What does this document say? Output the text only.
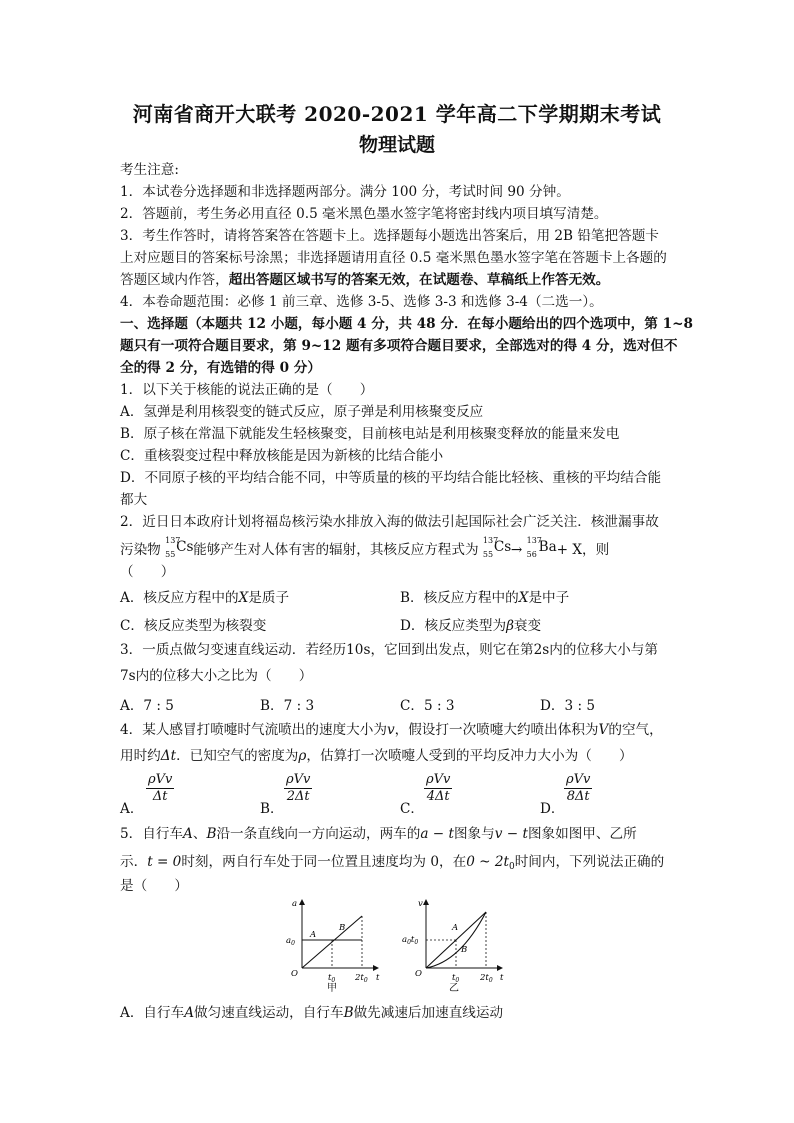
河南省商开大联考 2020-2021 学年高二下学期期末考试
物理试题
考生注意:
1．本试卷分选择题和非选择题两部分。满分 100 分，考试时间 90 分钟。
2．答题前，考生务必用直径 0.5 毫米黑色墨水签字笔将密封线内项目填写清楚。
3．考生作答时，请将答案答在答题卡上。选择题每小题选出答案后，用 2B 铅笔把答题卡
上对应题目的答案标号涂黑；非选择题请用直径 0.5 毫米黑色墨水签字笔在答题卡上各题的
答题区域内作答，超出答题区域书写的答案无效，在试题卷、草稿纸上作答无效。
4．本卷命题范围：必修 1 前三章、选修 3-5、选修 3-3 和选修 3-4（二选一）。
一、选择题（本题共 12 小题，每小题 4 分，共 48 分．在每小题给出的四个选项中，第 1~8
题只有一项符合题目要求，第 9~12 题有多项符合题目要求，全部选对的得 4 分，选对但不
全的得 2 分，有选错的得 0 分）
1．以下关于核能的说法正确的是（　　）
A．氢弹是利用核裂变的链式反应，原子弹是利用核聚变反应
B．原子核在常温下就能发生轻核聚变，目前核电站是利用核聚变释放的能量来发电
C．重核裂变过程中释放核能是因为新核的比结合能小
D．不同原子核的平均结合能不同，中等质量的核的平均结合能比轻核、重核的平均结合能
都大
2．近日日本政府计划将福岛核污染水排放入海的做法引起国际社会广泛关注．核泄漏事故
污染物
137
55 Cs 能够产生对人体有害的辐射，其核反应方程式为
137
55 Cs →
137
56 Ba + X，则
（　　）
A．核反应方程中的X是质子	B．核反应方程中的X是中子
C．核反应类型为核裂变	D．核反应类型为β衰变
3．一质点做匀变速直线运动．若经历10s，它回到出发点，则它在第2s内的位移大小与第
7s内的位移大小之比为（　　）
A．7 : 5	B．7 : 3	C．5 : 3	D．3 : 5
4．某人感冒打喷嚏时气流喷出的速度大小为v，假设打一次喷嚏大约喷出体积为V的空气，
用时约Δt．已知空气的密度为ρ，估算打一次喷嚏人受到的平均反冲力大小为（　　）
A．
ρVv
Δt
B．
ρVv
2Δt
C．
ρVv
4Δt
D．
ρVv
8Δt
5．自行车A、B沿一条直线向一方向运动，两车的a − t图象与v − t图象如图甲、乙所
示．t = 0时刻，两自行车处于同一位置且速度均为 0，在0 ~ $2t_0$时间内，下列说法正确的
是（　　）
a
t
O
$a_0$
$t_0$ $2t_0$
A
B
甲
v
t
O
$a_0t_0$
$t_0$ $2t_0$
A
B
乙
A．自行车A做匀速直线运动，自行车B做先减速后加速直线运动
